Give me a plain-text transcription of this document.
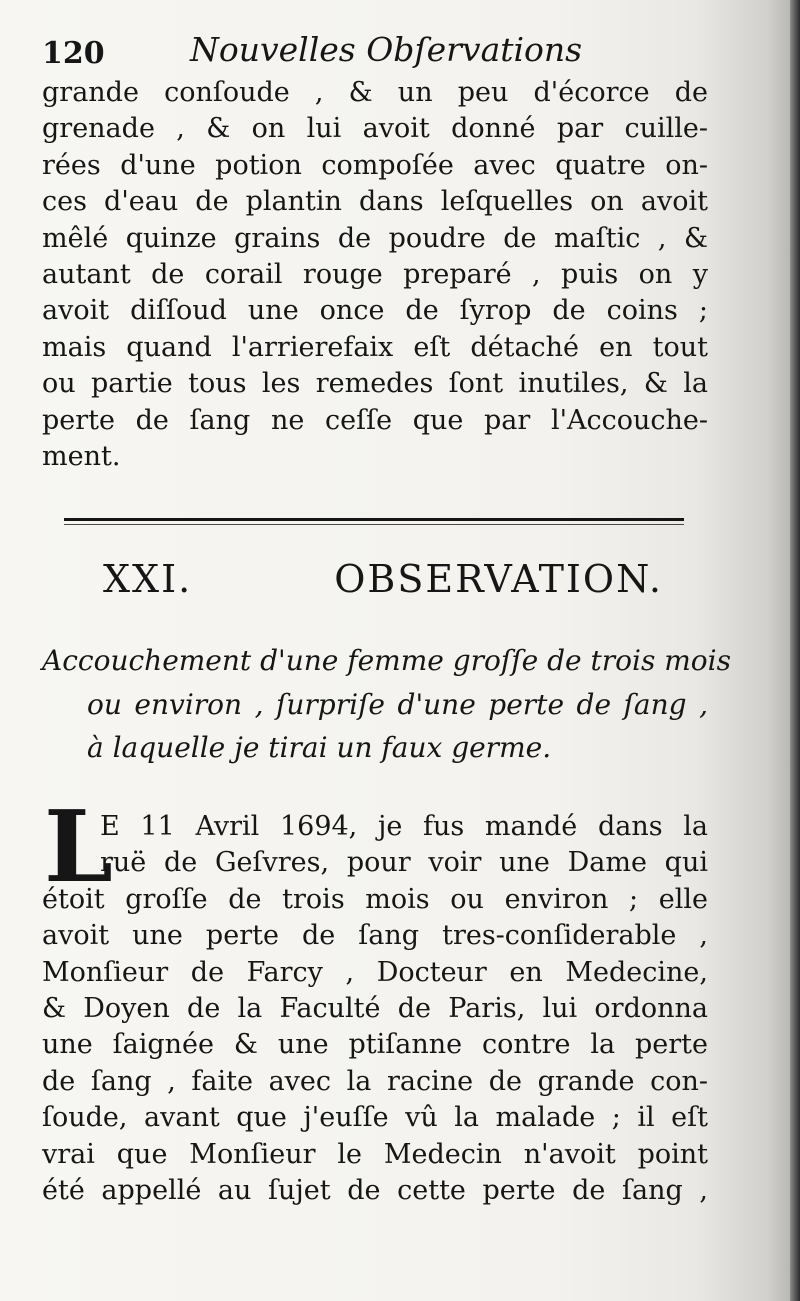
120	Nouvelles Obſervations
grande conſoude , & un peu d'écorce de
grenade , & on lui avoit donné par cuille-
rées d'une potion compoſée avec quatre on-
ces d'eau de plantin dans leſquelles on avoit
mêlé quinze grains de poudre de maſtic , &
autant de corail rouge preparé , puis on y
avoit diſſoud une once de ſyrop de coins ;
mais quand l'arrierefaix eſt détaché en tout
ou partie tous les remedes ſont inutiles, & la
perte de ſang ne ceſſe que par l'Accouche-
ment.
XXI. OBSERVATION.
Accouchement d'une femme groſſe de trois mois
ou environ , ſurpriſe d'une perte de ſang ,
à laquelle je tirai un faux germe.
L
E 11 Avril 1694, je fus mandé dans la
ruë de Geſvres, pour voir une Dame qui
étoit groſſe de trois mois ou environ ; elle
avoit une perte de ſang tres-conſiderable ,
Monſieur de Farcy , Docteur en Medecine,
& Doyen de la Faculté de Paris, lui ordonna
une ſaignée & une ptiſanne contre la perte
de ſang , faite avec la racine de grande con-
ſoude, avant que j'euſſe vû la malade ; il eſt
vrai que Monſieur le Medecin n'avoit point
été appellé au ſujet de cette perte de ſang ,
